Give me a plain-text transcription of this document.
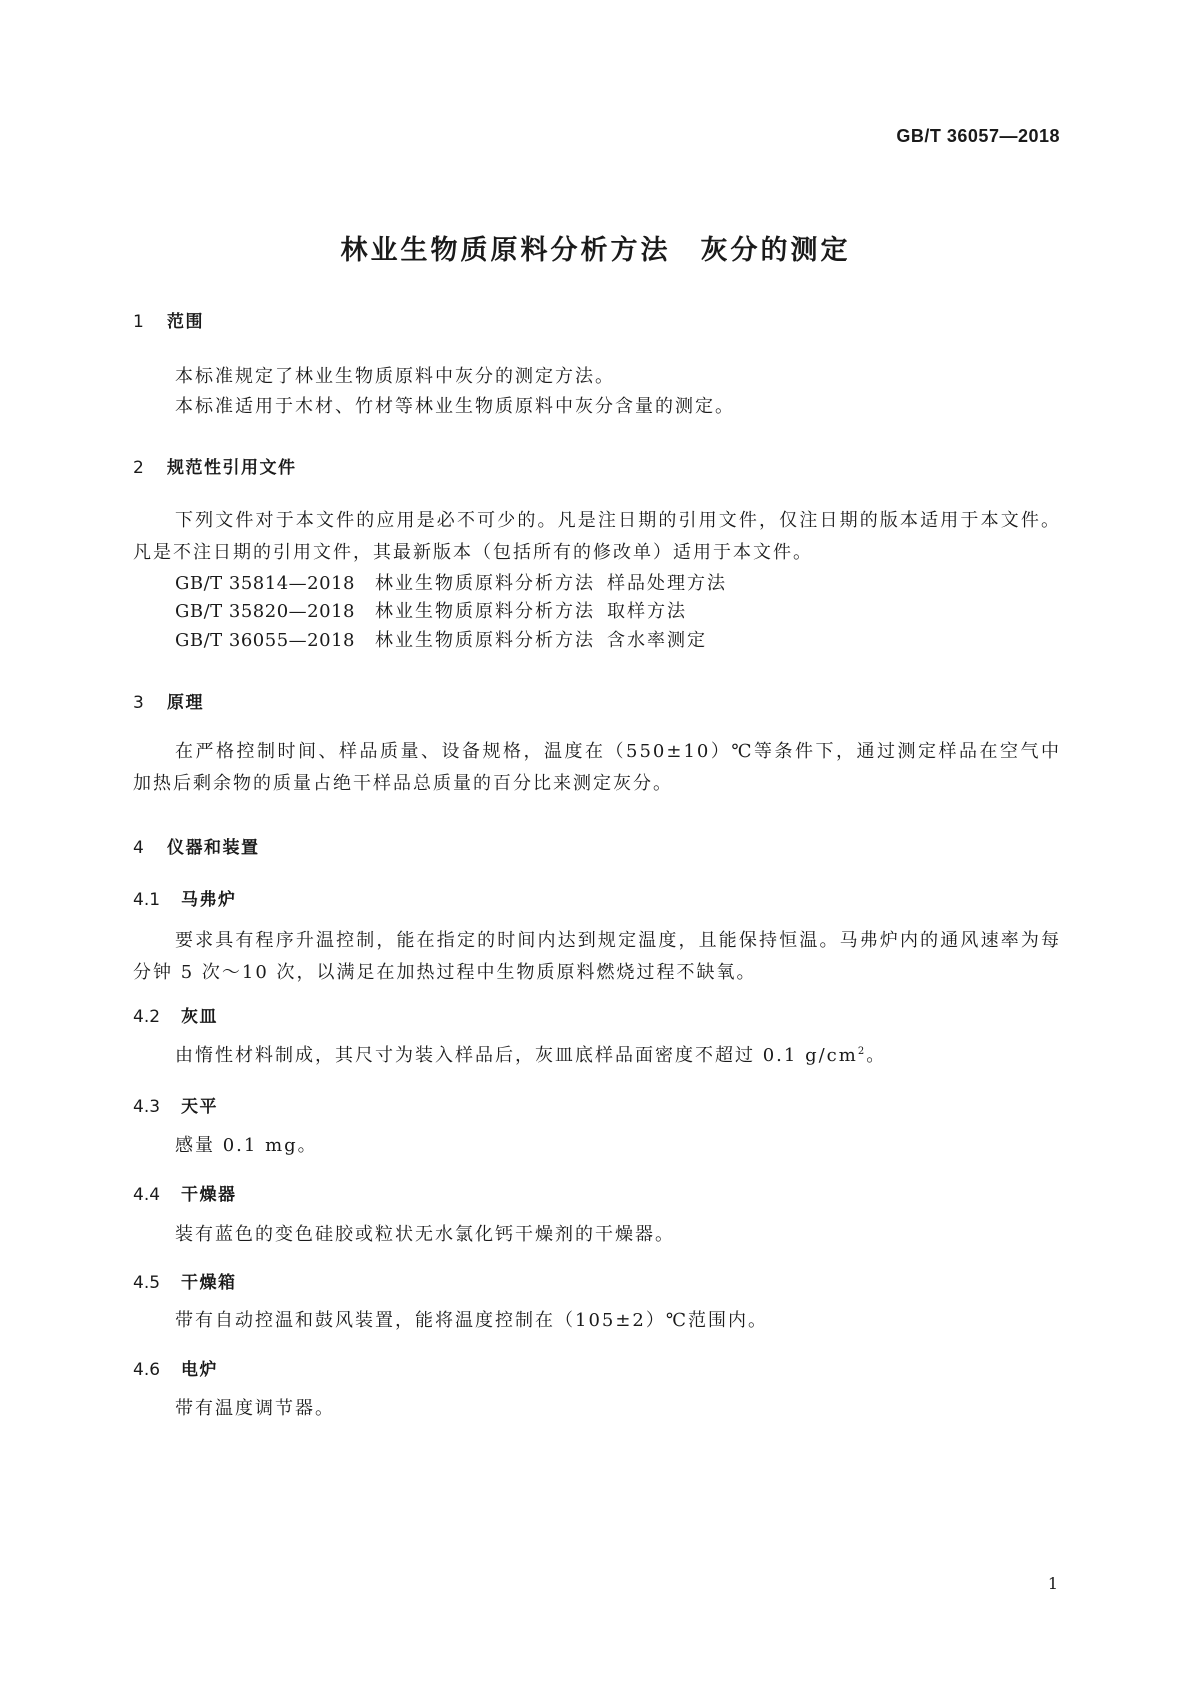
GB/T 36057—2018
林业生物质原料分析方法　灰分的测定
1 范围
本标准规定了林业生物质原料中灰分的测定方法。
本标准适用于木材、竹材等林业生物质原料中灰分含量的测定。
2 规范性引用文件
下列文件对于本文件的应用是必不可少的。凡是注日期的引用文件，仅注日期的版本适用于本文件。凡是不注日期的引用文件，其最新版本（包括所有的修改单）适用于本文件。
GB/T 35814—2018 林业生物质原料分析方法 样品处理方法
GB/T 35820—2018 林业生物质原料分析方法 取样方法
GB/T 36055—2018 林业生物质原料分析方法 含水率测定
3 原理
在严格控制时间、样品质量、设备规格，温度在（550±10）℃等条件下，通过测定样品在空气中加热后剩余物的质量占绝干样品总质量的百分比来测定灰分。
4 仪器和装置
4.1 马弗炉
要求具有程序升温控制，能在指定的时间内达到规定温度，且能保持恒温。马弗炉内的通风速率为每分钟 5 次～10 次，以满足在加热过程中生物质原料燃烧过程不缺氧。
4.2 灰皿
由惰性材料制成，其尺寸为装入样品后，灰皿底样品面密度不超过 0.1 $g/cm^2$。
4.3 天平
感量 0.1 mg。
4.4 干燥器
装有蓝色的变色硅胶或粒状无水氯化钙干燥剂的干燥器。
4.5 干燥箱
带有自动控温和鼓风装置，能将温度控制在（105±2）℃范围内。
4.6 电炉
带有温度调节器。
1
